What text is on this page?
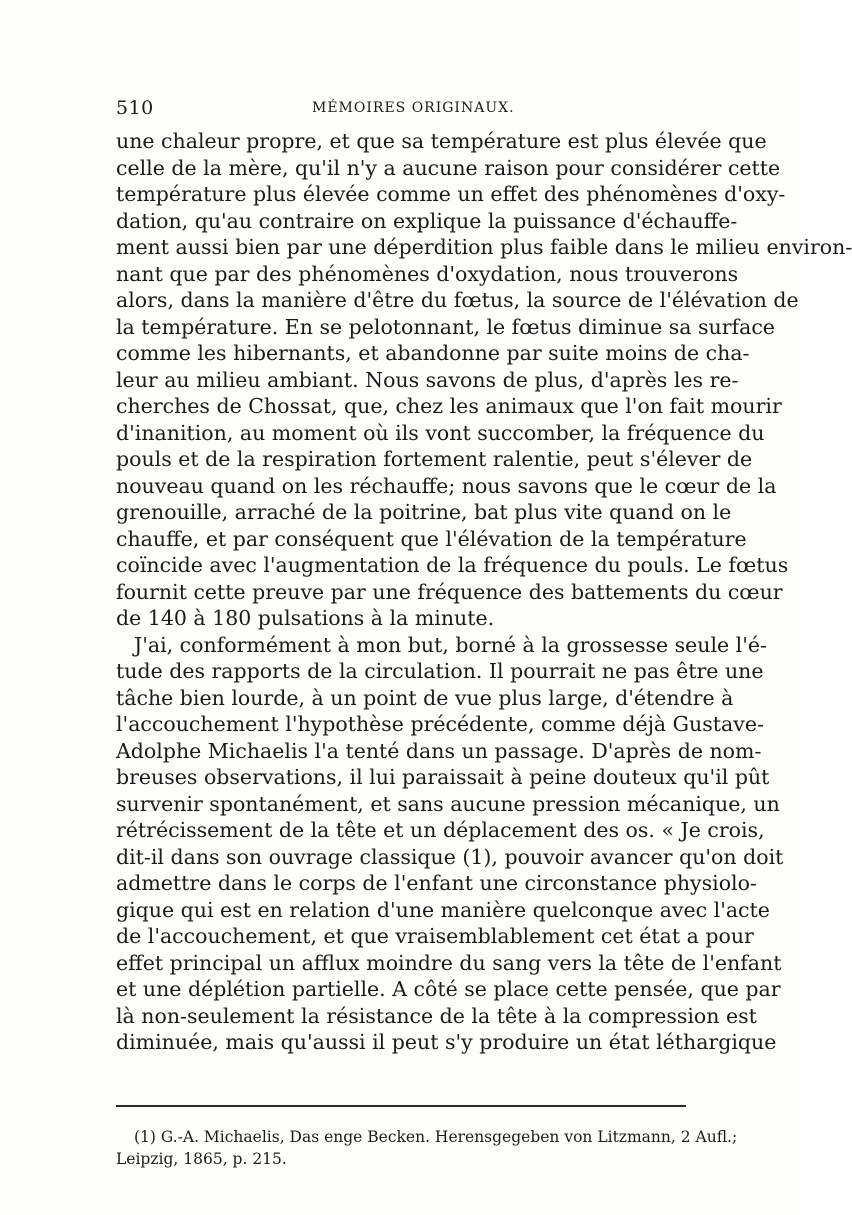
510	MÉMOIRES ORIGINAUX.
une chaleur propre, et que sa température est plus élevée que
celle de la mère, qu'il n'y a aucune raison pour considérer cette
température plus élevée comme un effet des phénomènes d'oxy-
dation, qu'au contraire on explique la puissance d'échauffe-
ment aussi bien par une déperdition plus faible dans le milieu environ-
nant que par des phénomènes d'oxydation, nous trouverons
alors, dans la manière d'être du fœtus, la source de l'élévation de
la température. En se pelotonnant, le fœtus diminue sa surface
comme les hibernants, et abandonne par suite moins de cha-
leur au milieu ambiant. Nous savons de plus, d'après les re-
cherches de Chossat, que, chez les animaux que l'on fait mourir
d'inanition, au moment où ils vont succomber, la fréquence du
pouls et de la respiration fortement ralentie, peut s'élever de
nouveau quand on les réchauffe; nous savons que le cœur de la
grenouille, arraché de la poitrine, bat plus vite quand on le
chauffe, et par conséquent que l'élévation de la température
coïncide avec l'augmentation de la fréquence du pouls. Le fœtus
fournit cette preuve par une fréquence des battements du cœur
de 140 à 180 pulsations à la minute.
J'ai, conformément à mon but, borné à la grossesse seule l'é-
tude des rapports de la circulation. Il pourrait ne pas être une
tâche bien lourde, à un point de vue plus large, d'étendre à
l'accouchement l'hypothèse précédente, comme déjà Gustave-
Adolphe Michaelis l'a tenté dans un passage. D'après de nom-
breuses observations, il lui paraissait à peine douteux qu'il pût
survenir spontanément, et sans aucune pression mécanique, un
rétrécissement de la tête et un déplacement des os. « Je crois,
dit-il dans son ouvrage classique (1), pouvoir avancer qu'on doit
admettre dans le corps de l'enfant une circonstance physiolo-
gique qui est en relation d'une manière quelconque avec l'acte
de l'accouchement, et que vraisemblablement cet état a pour
effet principal un afflux moindre du sang vers la tête de l'enfant
et une déplétion partielle. A côté se place cette pensée, que par
là non-seulement la résistance de la tête à la compression est
diminuée, mais qu'aussi il peut s'y produire un état léthargique
(1) G.-A. Michaelis, Das enge Becken. Herensgegeben von Litzmann, 2 Aufl.;
Leipzig, 1865, p. 215.
